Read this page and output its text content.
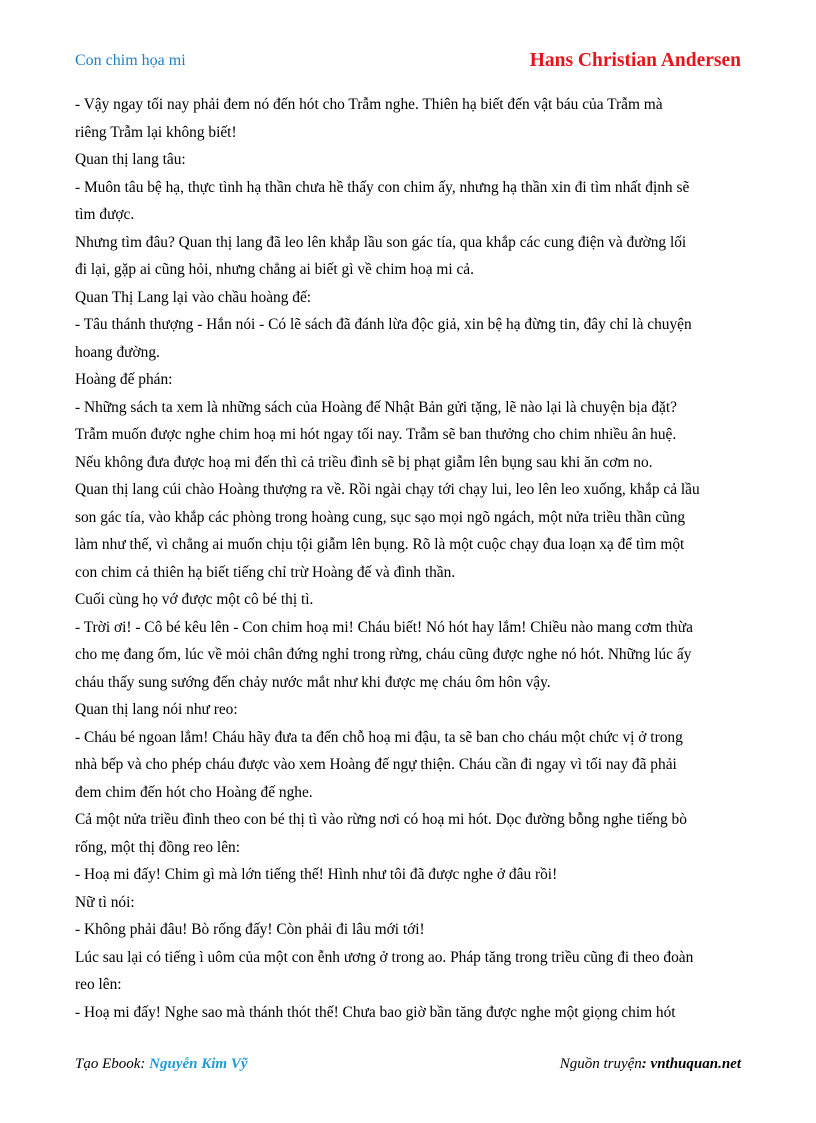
Con chim họa mi	Hans Christian Andersen
- Vậy ngay tối nay phải đem nó đến hót cho Trẫm nghe. Thiên hạ biết đến vật báu của Trẫm mà
riêng Trẫm lại không biết!
Quan thị lang tâu:
- Muôn tâu bệ hạ, thực tình hạ thần chưa hề thấy con chim ấy, nhưng hạ thần xin đi tìm nhất định sẽ
tìm được.
Nhưng tìm đâu? Quan thị lang đã leo lên khắp lầu son gác tía, qua khắp các cung điện và đường lối
đi lại, gặp ai cũng hỏi, nhưng chẳng ai biết gì về chim hoạ mi cả.
Quan Thị Lang lại vào chầu hoàng đế:
- Tâu thánh thượng - Hắn nói - Có lẽ sách đã đánh lừa độc giả, xin bệ hạ đừng tin, đây chỉ là chuyện
hoang đường.
Hoàng đế phán:
- Những sách ta xem là những sách của Hoàng đế Nhật Bản gửi tặng, lẽ nào lại là chuyện bịa đặt?
Trẫm muốn được nghe chim hoạ mi hót ngay tối nay. Trẫm sẽ ban thưởng cho chim nhiều ân huệ.
Nếu không đưa được hoạ mi đến thì cả triều đình sẽ bị phạt giẫm lên bụng sau khi ăn cơm no.
Quan thị lang cúi chào Hoàng thượng ra về. Rồi ngài chạy tới chạy lui, leo lên leo xuống, khắp cả lầu
son gác tía, vào khắp các phòng trong hoàng cung, sục sạo mọi ngõ ngách, một nửa triều thần cũng
làm như thế, vì chẳng ai muốn chịu tội giẫm lên bụng. Rõ là một cuộc chạy đua loạn xạ để tìm một
con chim cả thiên hạ biết tiếng chỉ trừ Hoàng đế và đình thần.
Cuối cùng họ vớ được một cô bé thị tì.
- Trời ơi! - Cô bé kêu lên - Con chim hoạ mi! Cháu biết! Nó hót hay lắm! Chiều nào mang cơm thừa
cho mẹ đang ốm, lúc về mỏi chân đứng nghỉ trong rừng, cháu cũng được nghe nó hót. Những lúc ấy
cháu thấy sung sướng đến chảy nước mắt như khi được mẹ cháu ôm hôn vậy.
Quan thị lang nói như reo:
- Cháu bé ngoan lắm! Cháu hãy đưa ta đến chỗ hoạ mi đậu, ta sẽ ban cho cháu một chức vị ở trong
nhà bếp và cho phép cháu được vào xem Hoàng đế ngự thiện. Cháu cần đi ngay vì tối nay đã phải
đem chim đến hót cho Hoàng đế nghe.
Cả một nửa triều đình theo con bé thị tì vào rừng nơi có hoạ mi hót. Dọc đường bỗng nghe tiếng bò
rống, một thị đồng reo lên:
- Hoạ mi đấy! Chim gì mà lớn tiếng thế! Hình như tôi đã được nghe ở đâu rồi!
Nữ tì nói:
- Không phải đâu! Bò rống đấy! Còn phải đi lâu mới tới!
Lúc sau lại có tiếng ì uôm của một con ễnh ương ở trong ao. Pháp tăng trong triều cũng đi theo đoàn
reo lên:
- Hoạ mi đấy! Nghe sao mà thánh thót thế! Chưa bao giờ bần tăng được nghe một giọng chim hót
Tạo Ebook: Nguyễn Kim Vỹ	Nguồn truyện: vnthuquan.net
